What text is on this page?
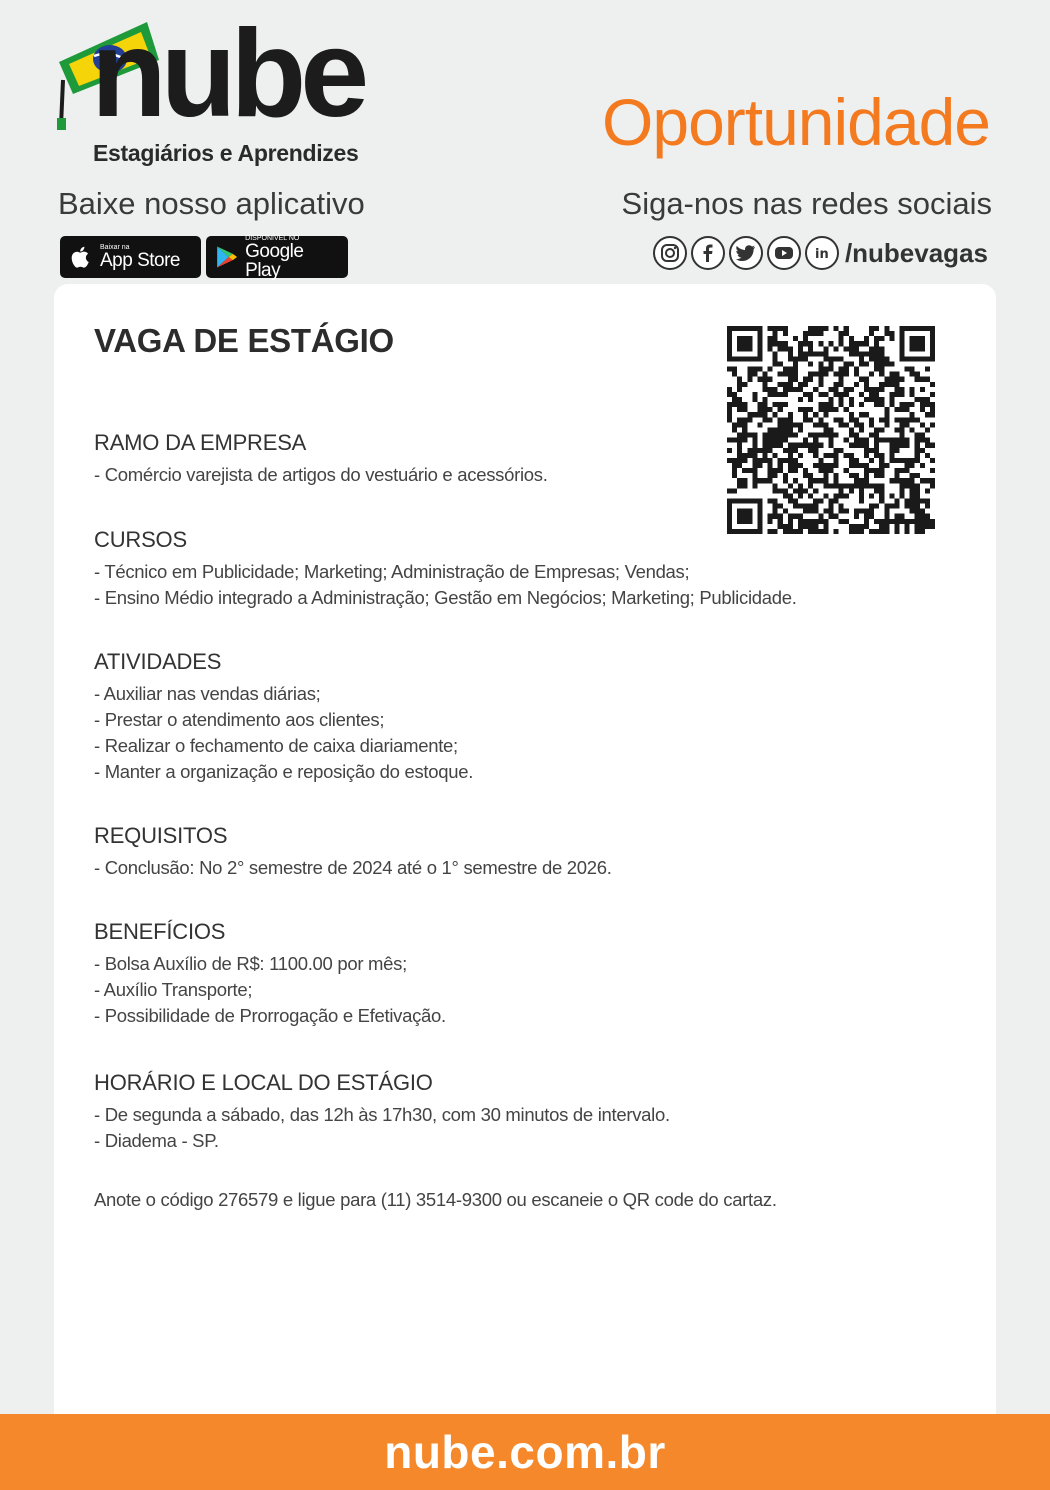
nube
Estagiários e Aprendizes	Oportunidade
Baixe nosso aplicativo	Siga-nos nas redes sociais
Baixar na
App Store
DISPONÍVEL NO
Google Play
in /nubevagas
VAGA DE ESTÁGIO
RAMO DA EMPRESA
- Comércio varejista de artigos do vestuário e acessórios.
CURSOS
- Técnico em Publicidade; Marketing; Administração de Empresas; Vendas;
- Ensino Médio integrado a Administração; Gestão em Negócios; Marketing; Publicidade.
ATIVIDADES
- Auxiliar nas vendas diárias;
- Prestar o atendimento aos clientes;
- Realizar o fechamento de caixa diariamente;
- Manter a organização e reposição do estoque.
REQUISITOS
- Conclusão: No 2° semestre de 2024 até o 1° semestre de 2026.
BENEFÍCIOS
- Bolsa Auxílio de R$: 1100.00 por mês;
- Auxílio Transporte;
- Possibilidade de Prorrogação e Efetivação.
HORÁRIO E LOCAL DO ESTÁGIO
- De segunda a sábado, das 12h às 17h30, com 30 minutos de intervalo.
- Diadema - SP.
Anote o código 276579 e ligue para (11) 3514-9300 ou escaneie o QR code do cartaz.
nube.com.br
